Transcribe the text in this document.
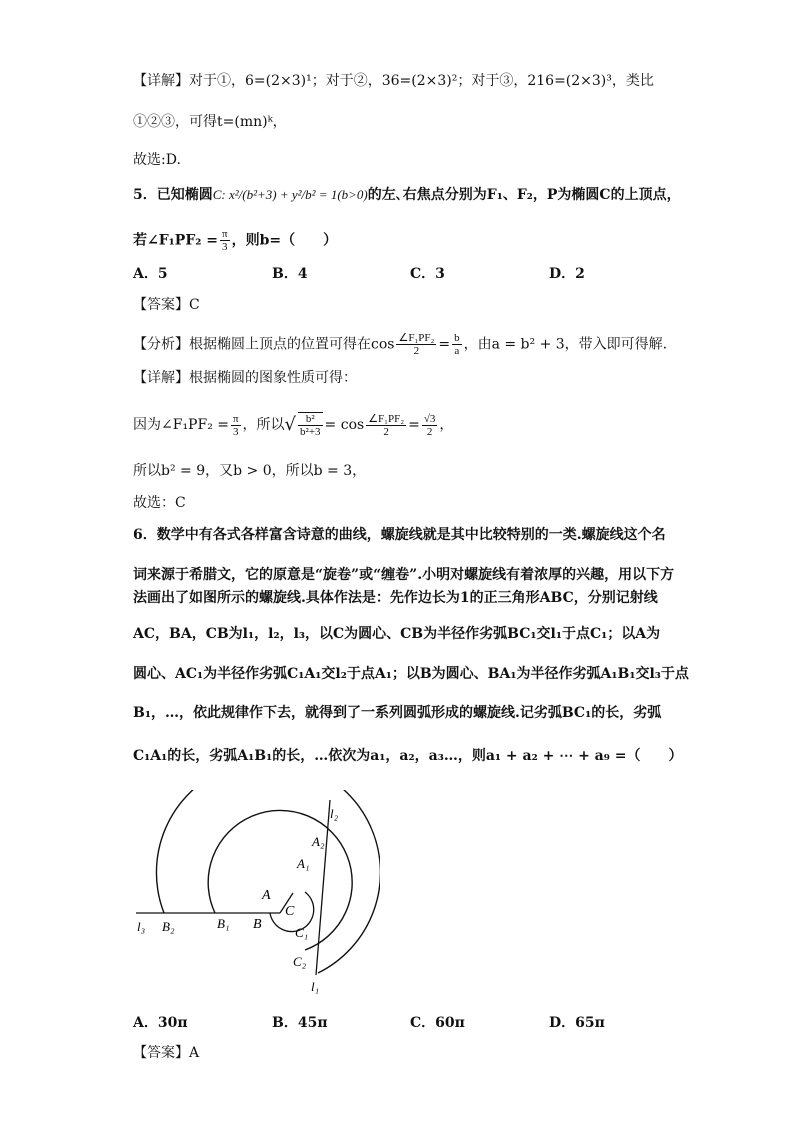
【详解】对于①，6=(2×3)¹；对于②，36=(2×3)²；对于③，216=(2×3)³，类比
①②③，可得t=(mn)ᵏ，
故选:D.
5．已知椭圆C: x²/(b²+3) + y²/b² = 1(b>0)的左､右焦点分别为F₁、F₂，P为椭圆C的上顶点，
若∠F₁PF₂ = $\frac{\pi}{3}$ ，则b=（　　）
A．5	B．4	C．3	D．2
【答案】C
【分析】根据椭圆上顶点的位置可得在$\cos \frac{\text{∠F₁PF₂}}{2} = \frac{b}{a}$ ，由a = b² + 3，带入即可得解.
【详解】根据椭圆的图象性质可得：
因为∠F₁PF₂ = $\frac{\pi}{3}$ ，所以√ $\frac{\text{b²}}{\text{b²+3}} = \cos \frac{\text{∠F₁PF₂}}{2} = \frac{√3}{2}$ ，
所以b² = 9，又b > 0，所以b = 3，
故选：C
6．数学中有各式各样富含诗意的曲线，螺旋线就是其中比较特别的一类.螺旋线这个名
词来源于希腊文，它的原意是“旋卷”或“缠卷”.小明对螺旋线有着浓厚的兴趣，用以下方
法画出了如图所示的螺旋线.具体作法是：先作边长为1的正三角形ABC，分别记射线
AC，BA，CB为l₁，l₂，l₃，以C为圆心、CB为半径作劣弧BC₁交l₁于点C₁；以A为
圆心、AC₁为半径作劣弧C₁A₁交l₂于点A₁；以B为圆心、BA₁为半径作劣弧A₁B₁交l₃于点
B₁，…，依此规律作下去，就得到了一系列圆弧形成的螺旋线.记劣弧BC₁的长，劣弧
C₁A₁的长，劣弧A₁B₁的长，…依次为a₁，a₂，a₃…，则a₁ + a₂ + ⋯ + a₉ =（　　）
l₂
A₂
A₁
A
C
l₃ B₂	B₁ B
C₁
C₂
l₁
A．30π	B．45π	C．60π	D．65π
【答案】A
